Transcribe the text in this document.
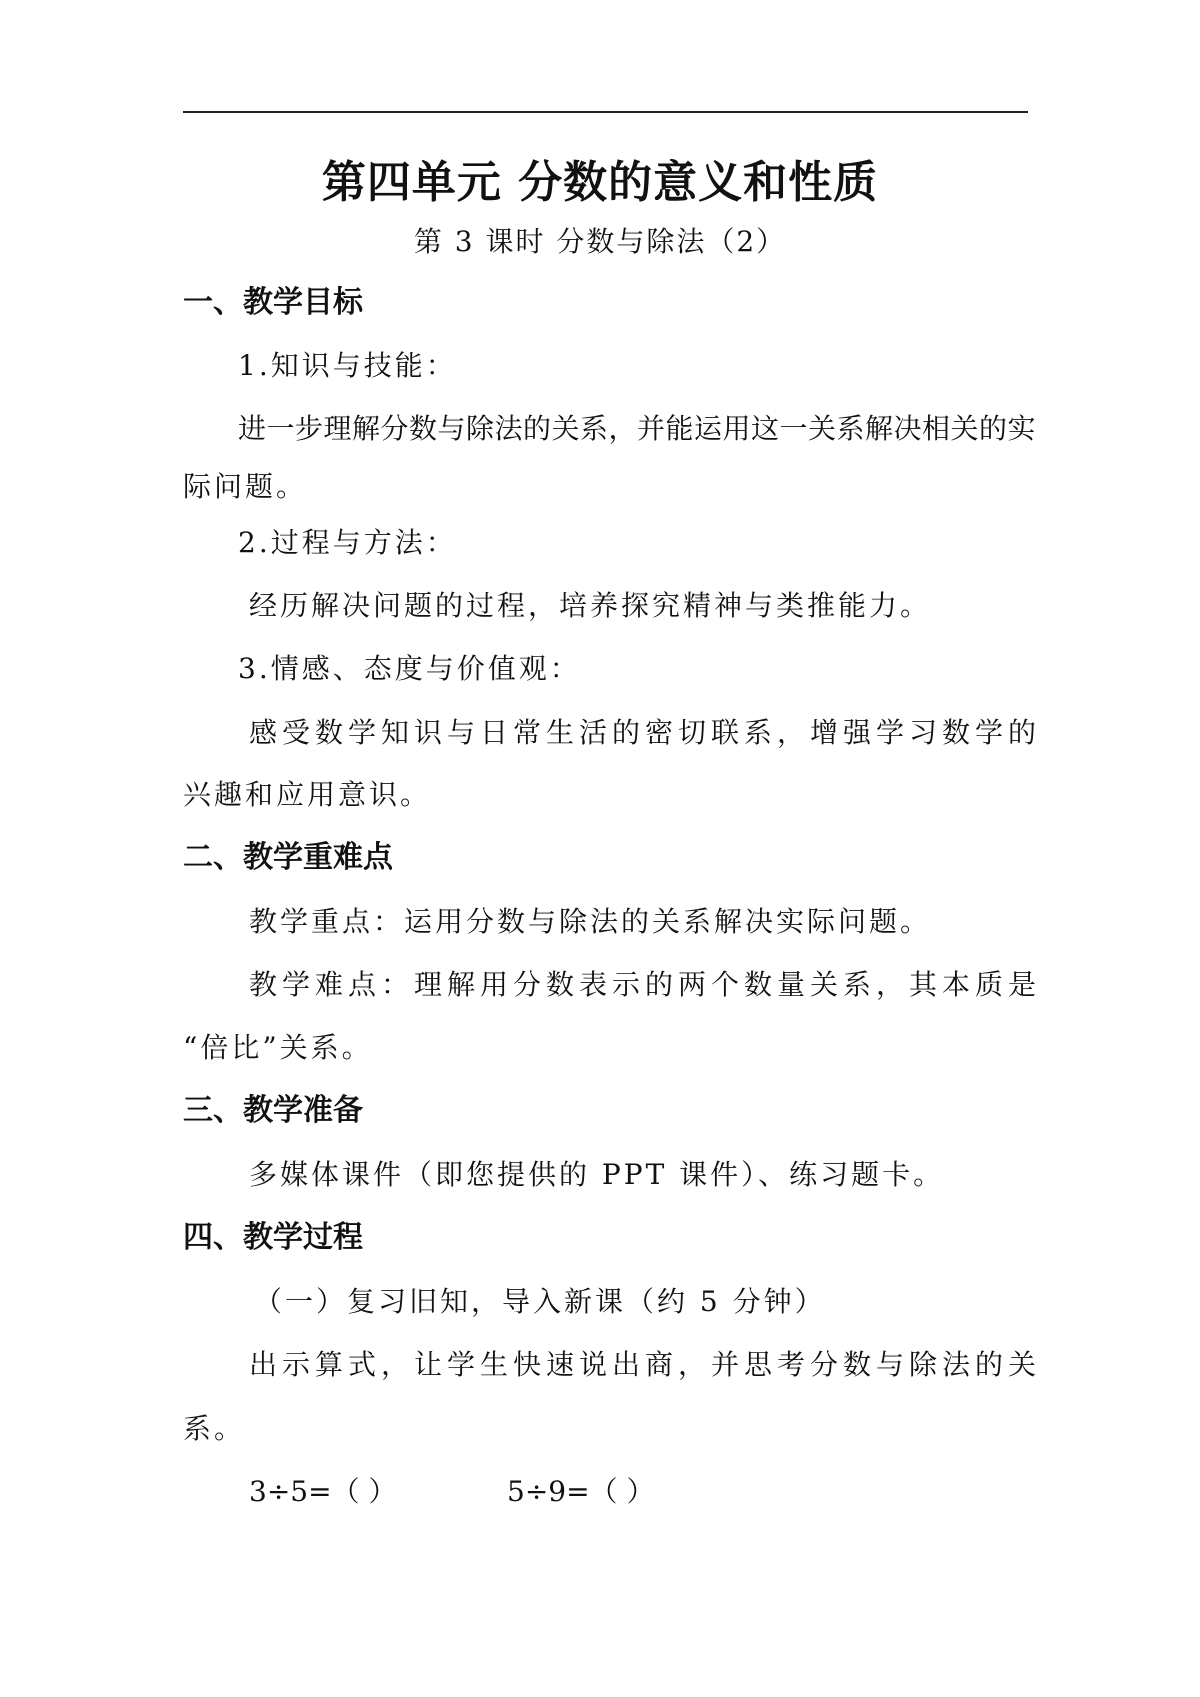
第四单元 分数的意义和性质
第 3 课时 分数与除法（2）
一、教学目标
1.知识与技能：
进一步理解分数与除法的关系，并能运用这一关系解决相关的实
际问题。
2.过程与方法：
经历解决问题的过程，培养探究精神与类推能力。
3.情感、态度与价值观：
感受数学知识与日常生活的密切联系，增强学习数学的
兴趣和应用意识。
二、教学重难点
教学重点：运用分数与除法的关系解决实际问题。
教学难点：理解用分数表示的两个数量关系，其本质是
“倍比”关系。
三、教学准备
多媒体课件（即您提供的 PPT 课件）、练习题卡。
四、教学过程
（一）复习旧知，导入新课（约 5 分钟）
出示算式，让学生快速说出商，并思考分数与除法的关
系。
3÷5=（ ）	5÷9=（ ）
